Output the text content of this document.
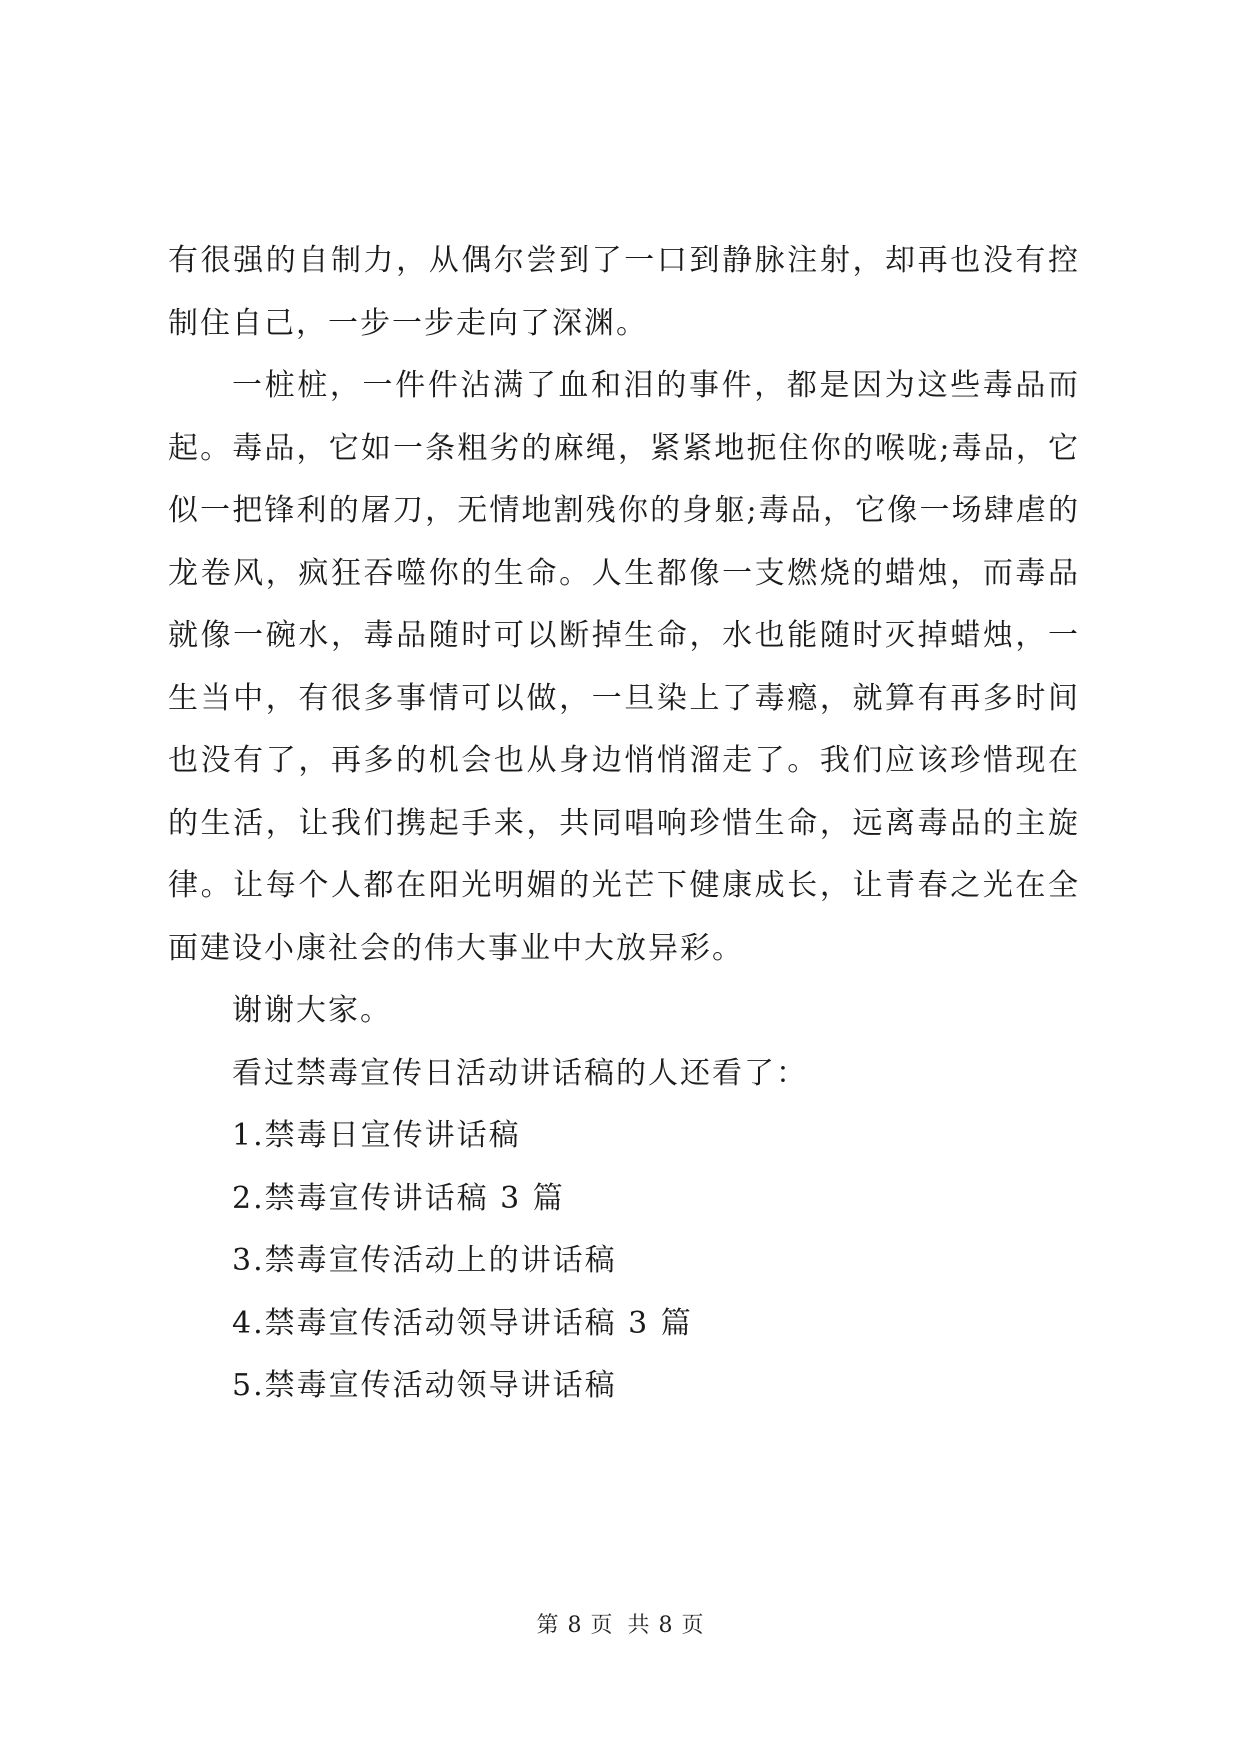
有很强的自制力，从偶尔尝到了一口到静脉注射，却再也没有控制住自己，一步一步走向了深渊。

一桩桩，一件件沾满了血和泪的事件，都是因为这些毒品而起。毒品，它如一条粗劣的麻绳，紧紧地扼住你的喉咙;毒品，它似一把锋利的屠刀，无情地割残你的身躯;毒品，它像一场肆虐的龙卷风，疯狂吞噬你的生命。人生都像一支燃烧的蜡烛，而毒品就像一碗水，毒品随时可以断掉生命，水也能随时灭掉蜡烛，一生当中，有很多事情可以做，一旦染上了毒瘾，就算有再多时间也没有了，再多的机会也从身边悄悄溜走了。我们应该珍惜现在的生活，让我们携起手来，共同唱响珍惜生命，远离毒品的主旋律。让每个人都在阳光明媚的光芒下健康成长，让青春之光在全面建设小康社会的伟大事业中大放异彩。

谢谢大家。

看过禁毒宣传日活动讲话稿的人还看了：

1.禁毒日宣传讲话稿
2.禁毒宣传讲话稿 3 篇
3.禁毒宣传活动上的讲话稿
4.禁毒宣传活动领导讲话稿 3 篇
5.禁毒宣传活动领导讲话稿
第 8 页 共 8 页
